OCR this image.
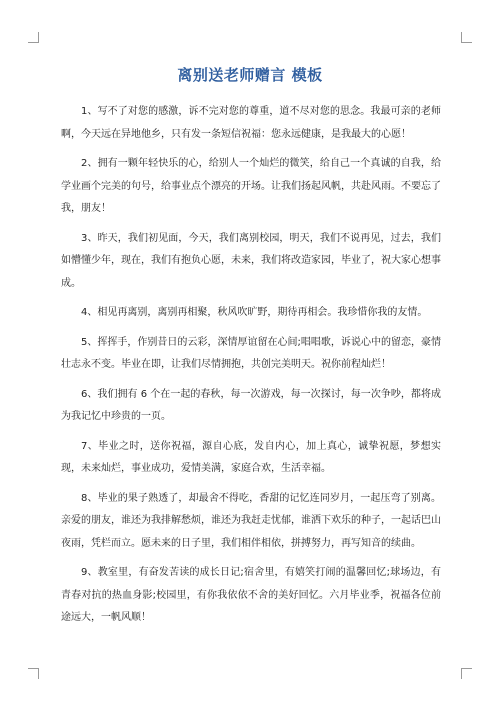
离别送老师赠言 模板

1、写不了对您的感激，诉不完对您的尊重，道不尽对您的思念。我最可亲的老师啊，今天远在异地他乡，只有发一条短信祝福：您永远健康，是我最大的心愿！

2、拥有一颗年轻快乐的心，给别人一个灿烂的微笑，给自己一个真诚的自我，给学业画个完美的句号，给事业点个漂亮的开场。让我们扬起风帆，共赴风雨。不要忘了我，朋友！

3、昨天，我们初见面，今天，我们离别校园，明天，我们不说再见，过去，我们如懵懂少年，现在，我们有抱负心愿，未来，我们将改造家园，毕业了，祝大家心想事成。

4、相见再离别，离别再相聚，秋风吹旷野，期待再相会。我珍惜你我的友情。

5、挥挥手，作别昔日的云彩，深情厚谊留在心间;唱唱歌，诉说心中的留恋，豪情壮志永不变。毕业在即，让我们尽情拥抱，共创完美明天。祝你前程灿烂！

6、我们拥有 6 个在一起的春秋，每一次游戏，每一次探讨，每一次争吵，都将成为我记忆中珍贵的一页。

7、毕业之时，送你祝福，源自心底，发自内心，加上真心，诚挚祝愿，梦想实现，未来灿烂，事业成功，爱情美满，家庭合欢，生活幸福。

8、毕业的果子熟透了，却最舍不得吃，香甜的记忆连同岁月，一起压弯了别离。亲爱的朋友，谁还为我排解愁烦，谁还为我赶走忧郁，谁洒下欢乐的种子，一起话巴山夜雨，凭栏而立。愿未来的日子里，我们相伴相依，拼搏努力，再写知音的续曲。

9、教室里，有奋发苦读的成长日记;宿舍里，有嬉笑打闹的温馨回忆;球场边，有青春对抗的热血身影;校园里，有你我依依不舍的美好回忆。六月毕业季，祝福各位前途远大，一帆风顺！
